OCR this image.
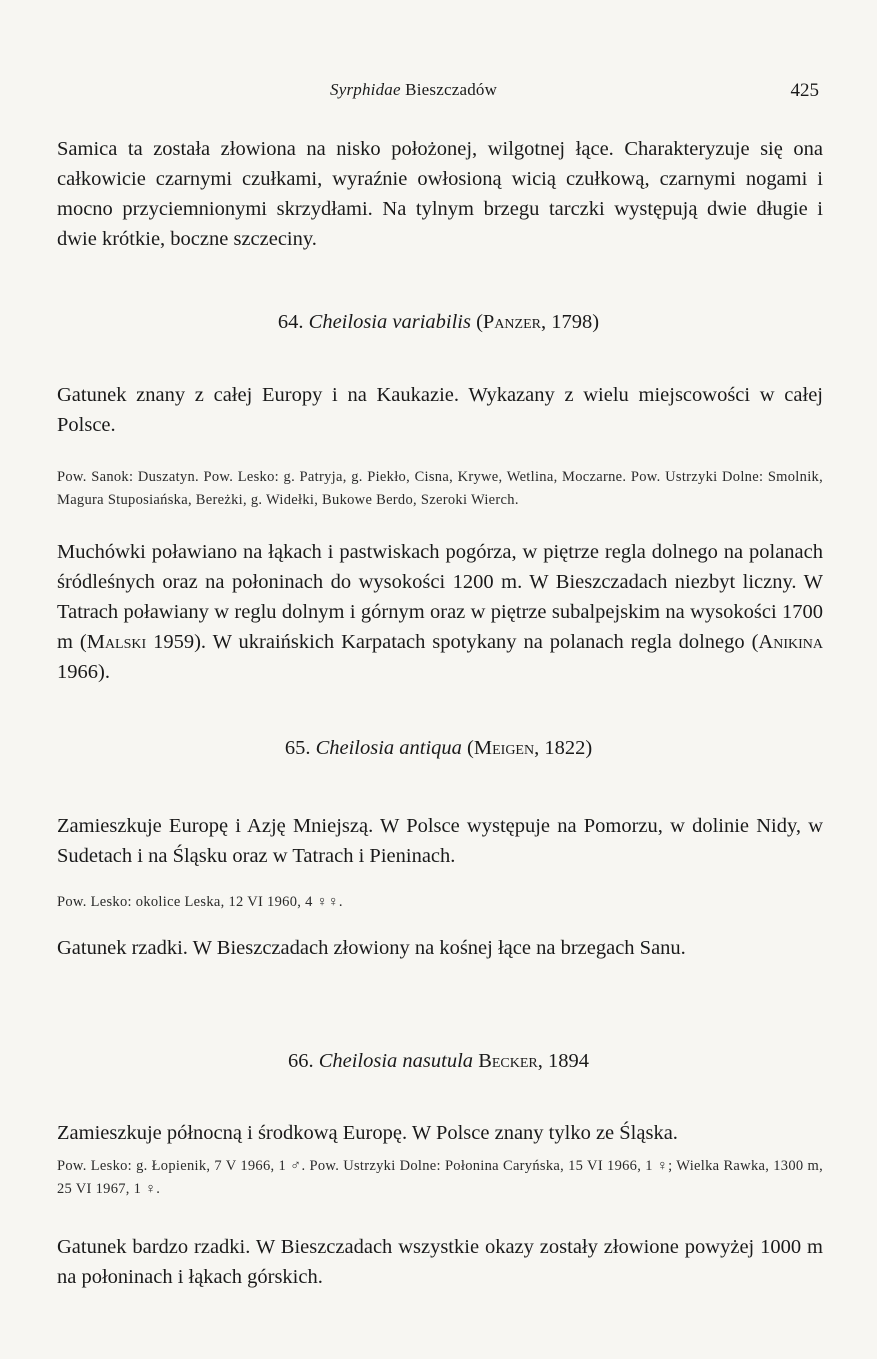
Syrphidae Bieszczadów	425

Samica ta została złowiona na nisko położonej, wilgotnej łące. Charakteryzuje się ona całkowicie czarnymi czułkami, wyraźnie owłosioną wicią czułkową, czarnymi nogami i mocno przyciemnionymi skrzydłami. Na tylnym brzegu tarczki występują dwie długie i dwie krótkie, boczne szczeciny.

64. Cheilosia variabilis (Panzer, 1798)

Gatunek znany z całej Europy i na Kaukazie. Wykazany z wielu miejscowości w całej Polsce.

Pow. Sanok: Duszatyn. Pow. Lesko: g. Patryja, g. Piekło, Cisna, Krywe, Wetlina, Moczarne. Pow. Ustrzyki Dolne: Smolnik, Magura Stuposiańska, Bereżki, g. Widełki, Bukowe Berdo, Szeroki Wierch.

Muchówki poławiano na łąkach i pastwiskach pogórza, w piętrze regla dolnego na polanach śródleśnych oraz na połoninach do wysokości 1200 m. W Bieszczadach niezbyt liczny. W Tatrach poławiany w reglu dolnym i górnym oraz w piętrze subalpejskim na wysokości 1700 m (Malski 1959). W ukraińskich Karpatach spotykany na polanach regla dolnego (Anikina 1966).

65. Cheilosia antiqua (Meigen, 1822)

Zamieszkuje Europę i Azję Mniejszą. W Polsce występuje na Pomorzu, w dolinie Nidy, w Sudetach i na Śląsku oraz w Tatrach i Pieninach.

Pow. Lesko: okolice Leska, 12 VI 1960, 4 ♀♀.

Gatunek rzadki. W Bieszczadach złowiony na kośnej łące na brzegach Sanu.

66. Cheilosia nasutula Becker, 1894

Zamieszkuje północną i środkową Europę. W Polsce znany tylko ze Śląska.

Pow. Lesko: g. Łopienik, 7 V 1966, 1 ♂. Pow. Ustrzyki Dolne: Połonina Caryńska, 15 VI 1966, 1 ♀; Wielka Rawka, 1300 m, 25 VI 1967, 1 ♀.

Gatunek bardzo rzadki. W Bieszczadach wszystkie okazy zostały złowione powyżej 1000 m na połoninach i łąkach górskich.
